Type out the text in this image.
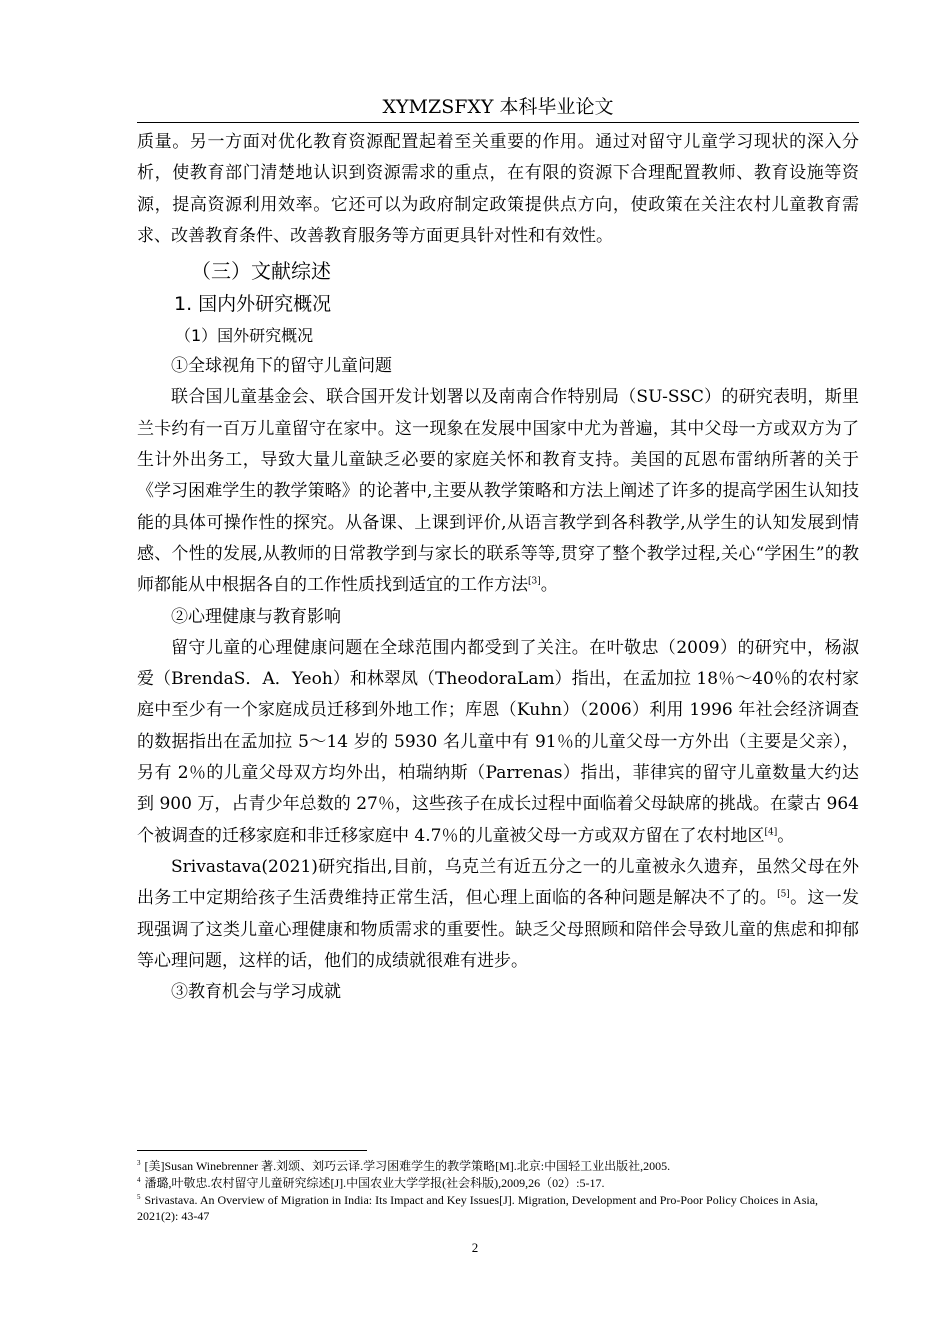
XYMZSFXY 本科毕业论文

质量。另一方面对优化教育资源配置起着至关重要的作用。通过对留守儿童学习现状的深入分析，使教育部门清楚地认识到资源需求的重点，在有限的资源下合理配置教师、教育设施等资源，提高资源利用效率。它还可以为政府制定政策提供点方向，使政策在关注农村儿童教育需求、改善教育条件、改善教育服务等方面更具针对性和有效性。

（三）文献综述

1. 国内外研究概况

（1）国外研究概况

①全球视角下的留守儿童问题

联合国儿童基金会、联合国开发计划署以及南南合作特别局（SU-SSC）的研究表明，斯里兰卡约有一百万儿童留守在家中。这一现象在发展中国家中尤为普遍，其中父母一方或双方为了生计外出务工，导致大量儿童缺乏必要的家庭关怀和教育支持。美国的瓦恩布雷纳所著的关于《学习困难学生的教学策略》的论著中,主要从教学策略和方法上阐述了许多的提高学困生认知技能的具体可操作性的探究。从备课、上课到评价,从语言教学到各科教学,从学生的认知发展到情感、个性的发展,从教师的日常教学到与家长的联系等等,贯穿了整个教学过程,关心“学困生”的教师都能从中根据各自的工作性质找到适宜的工作方法[3]。

②心理健康与教育影响

留守儿童的心理健康问题在全球范围内都受到了关注。在叶敬忠（2009）的研究中，杨淑爱（BrendaS．A．Yeoh）和林翠凤（TheodoraLam）指出，在孟加拉 18％～40％的农村家庭中至少有一个家庭成员迁移到外地工作；库恩（Kuhn）（2006）利用 1996 年社会经济调查的数据指出在孟加拉 5～14 岁的 5930 名儿童中有 91％的儿童父母一方外出（主要是父亲），另有 2％的儿童父母双方均外出，柏瑞纳斯（Parrenas）指出，菲律宾的留守儿童数量大约达到 900 万，占青少年总数的 27％，这些孩子在成长过程中面临着父母缺席的挑战。在蒙古 964 个被调查的迁移家庭和非迁移家庭中 4.7％的儿童被父母一方或双方留在了农村地区[4]。

Srivastava(2021)研究指出,目前，乌克兰有近五分之一的儿童被永久遗弃，虽然父母在外出务工中定期给孩子生活费维持正常生活，但心理上面临的各种问题是解决不了的。[5]。这一发现强调了这类儿童心理健康和物质需求的重要性。缺乏父母照顾和陪伴会导致儿童的焦虑和抑郁等心理问题，这样的话，他们的成绩就很难有进步。

③教育机会与学习成就

$^3$ [美]Susan Winebrenner 著.刘颂、刘巧云译.学习困难学生的教学策略[M].北京:中国轻工业出版社,2005.

$^4$ 潘璐,叶敬忠.农村留守儿童研究综述[J].中国农业大学学报(社会科版),2009,26（02）:5-17.

$^5$ Srivastava. An Overview of Migration in India: Its Impact and Key Issues[J]. Migration, Development and Pro-Poor Policy Choices in Asia, 2021(2): 43-47

2
